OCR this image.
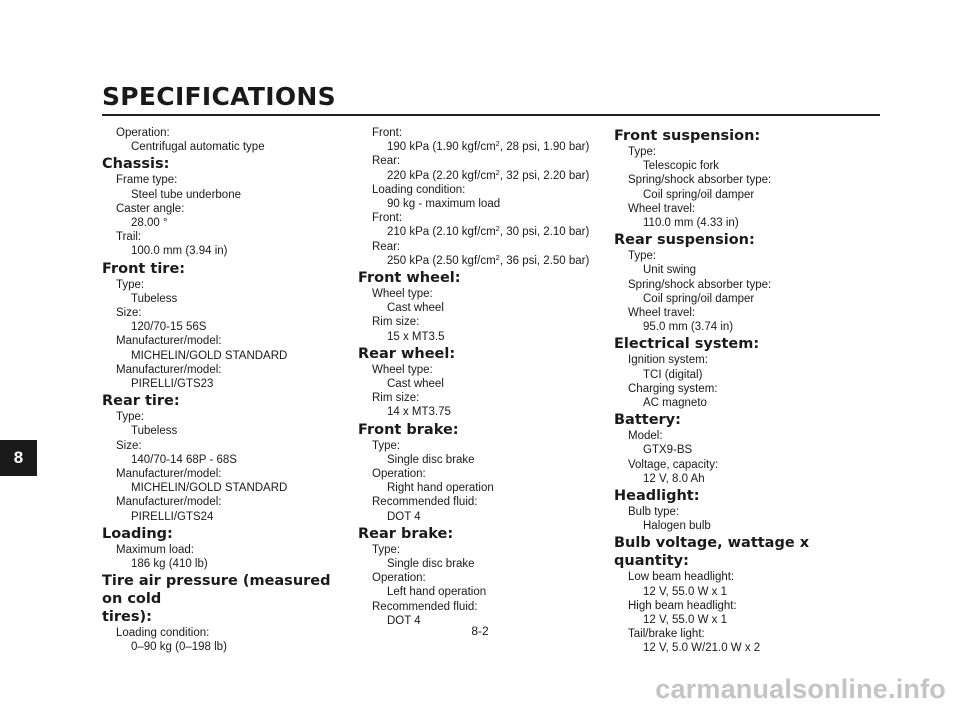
SPECIFICATIONS
8
Operation:
Centrifugal automatic type
Chassis:
Frame type:
Steel tube underbone
Caster angle:
28.00 °
Trail:
100.0 mm (3.94 in)
Front tire:
Type:
Tubeless
Size:
120/70-15 56S
Manufacturer/model:
MICHELIN/GOLD STANDARD
Manufacturer/model:
PIRELLI/GTS23
Rear tire:
Type:
Tubeless
Size:
140/70-14 68P - 68S
Manufacturer/model:
MICHELIN/GOLD STANDARD
Manufacturer/model:
PIRELLI/GTS24
Loading:
Maximum load:
186 kg (410 lb)
Tire air pressure (measured on cold
tires):
Loading condition:
0–90 kg (0–198 lb)
Front:
190 kPa (1.90 kgf/$cm^2$, 28 psi, 1.90 bar)
Rear:
220 kPa (2.20 kgf/$cm^2$, 32 psi, 2.20 bar)
Loading condition:
90 kg - maximum load
Front:
210 kPa (2.10 kgf/$cm^2$, 30 psi, 2.10 bar)
Rear:
250 kPa (2.50 kgf/$cm^2$, 36 psi, 2.50 bar)
Front wheel:
Wheel type:
Cast wheel
Rim size:
15 x MT3.5
Rear wheel:
Wheel type:
Cast wheel
Rim size:
14 x MT3.75
Front brake:
Type:
Single disc brake
Operation:
Right hand operation
Recommended fluid:
DOT 4
Rear brake:
Type:
Single disc brake
Operation:
Left hand operation
Recommended fluid:
DOT 4
Front suspension:
Type:
Telescopic fork
Spring/shock absorber type:
Coil spring/oil damper
Wheel travel:
110.0 mm (4.33 in)
Rear suspension:
Type:
Unit swing
Spring/shock absorber type:
Coil spring/oil damper
Wheel travel:
95.0 mm (3.74 in)
Electrical system:
Ignition system:
TCI (digital)
Charging system:
AC magneto
Battery:
Model:
GTX9-BS
Voltage, capacity:
12 V, 8.0 Ah
Headlight:
Bulb type:
Halogen bulb
Bulb voltage, wattage x quantity:
Low beam headlight:
12 V, 55.0 W x 1
High beam headlight:
12 V, 55.0 W x 1
Tail/brake light:
12 V, 5.0 W/21.0 W x 2
8-2
carmanualsonline.info
